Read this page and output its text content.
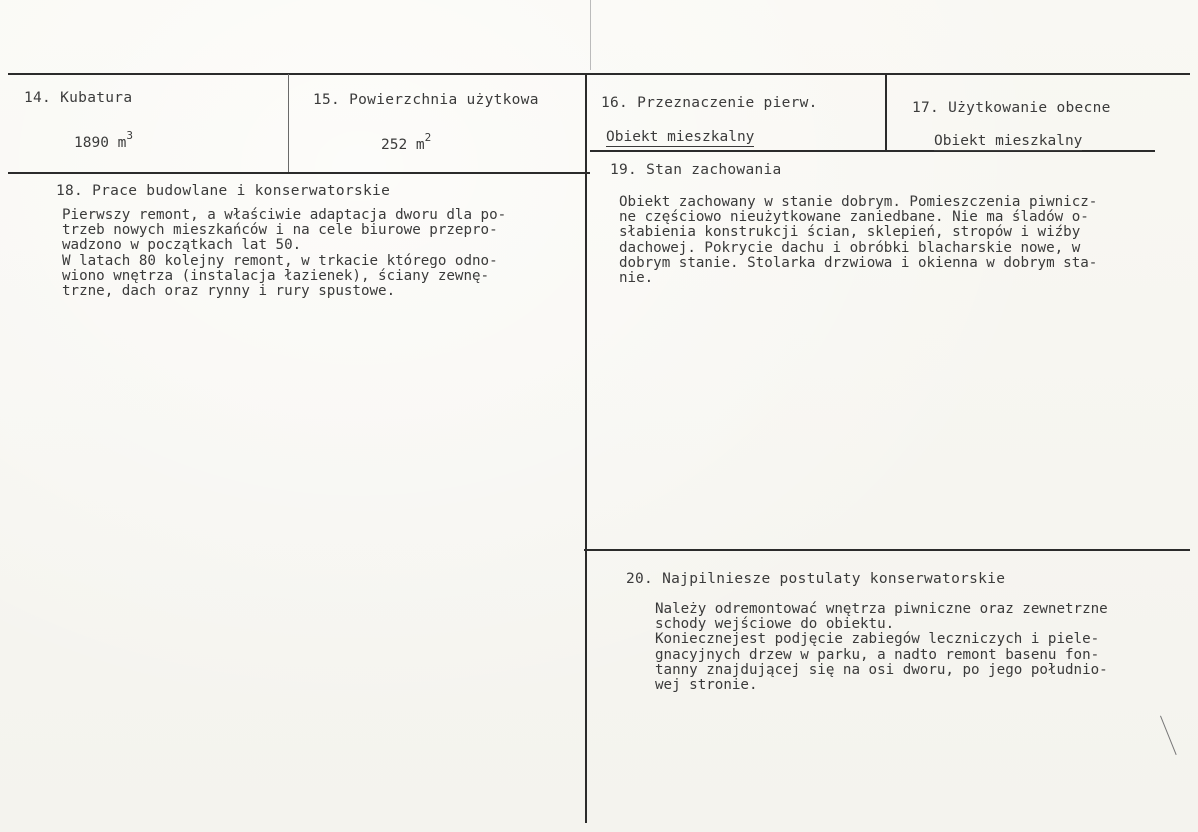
14. Kubatura
1890 $m^3$
15. Powierzchnia użytkowa
252 $m^2$
16. Przeznaczenie pierw.
Obiekt mieszkalny
17. Użytkowanie obecne
Obiekt mieszkalny
18. Prace budowlane i konserwatorskie
Pierwszy remont, a właściwie adaptacja dworu dla po-
trzeb nowych mieszkańców i na cele biurowe przepro-
wadzono w początkach lat 50.
W latach 80 kolejny remont, w trkacie którego odno-
wiono wnętrza (instalacja łazienek), ściany zewnę-
trzne, dach oraz rynny i rury spustowe.
19. Stan zachowania
Obiekt zachowany w stanie dobrym. Pomieszczenia piwnicz-
ne częściowo nieużytkowane zaniedbane. Nie ma śladów o-
słabienia konstrukcji ścian, sklepień, stropów i wiźby
dachowej. Pokrycie dachu i obróbki blacharskie nowe, w
dobrym stanie. Stolarka drzwiowa i okienna w dobrym sta-
nie.
20. Najpilniesze postulaty konserwatorskie
Należy odremontować wnętrza piwniczne oraz zewnetrzne
schody wejściowe do obiektu.
Koniecznejest podjęcie zabiegów leczniczych i piele-
gnacyjnych drzew w parku, a nadto remont basenu fon-
tanny znajdującej się na osi dworu, po jego południo-
wej stronie.
